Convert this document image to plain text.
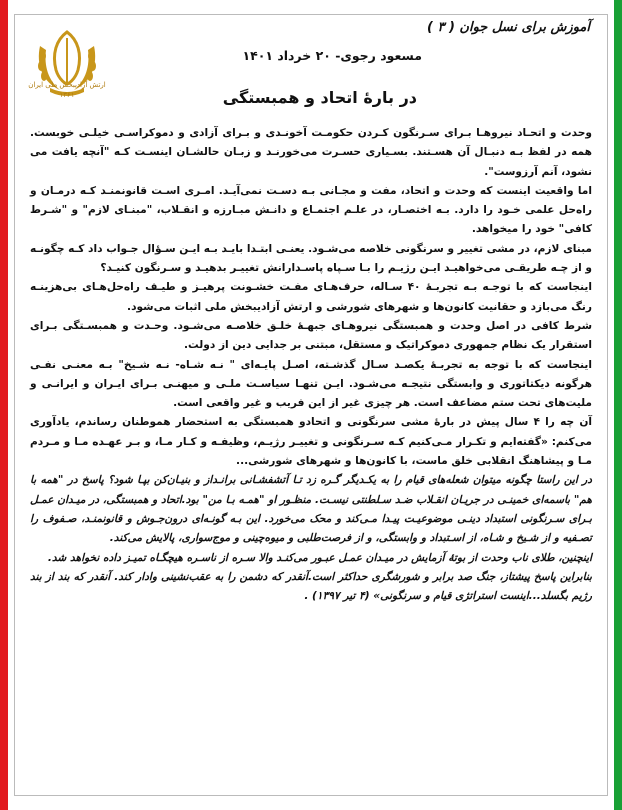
آموزش برای نسل جوان ( ۳ )
مسعود رجوی- ۲۰ خرداد ۱۴۰۱
در بارهٔ اتحاد و همبستگی
ارتش آزادیبخش ملی ایران
۱۳۶۱

وحدت و اتحـاد نیروهـا بـرای سـرنگون کـردن حکومـت آخونـدی و بـرای آزادی و دموکراسـی خیلـی خوبست. همه در لفظ بـه دنبـال آن هسـتند. بسـیاری حسـرت می‌خورنـد و زبـان حالشـان اینسـت کـه "آنچه یافت می نشود، آنم آرزوست".

اما واقعیت اینست که وحدت و اتحاد، مفت و مجـانی بـه دسـت نمی‌آیـد. امـری اسـت قانونمنـد کـه درمـان و راه‌حل علمی خـود را دارد. بـه اختصـار، در علـم اجتمـاع و دانـش مبـارزه و انقـلاب، "مبنـای لازم" و "شـرط کافی" خود را میخواهد.

مبنای لازم، در مشی تغییر و سرنگونی خلاصه می‌شـود. یعنـی ابتـدا بایـد بـه ایـن سـؤال جـواب داد کـه چگونـه و از چـه طریقـی می‌خواهیـد ایـن رژیـم را بـا سـپاه پاسـدارانش تغییـر بدهیـد و سـرنگون کنیـد؟

اینجاست که با توجـه بـه تجربـهٔ ۴۰ سـاله، حرف‌هـای مفـت خشـونت پرهیـز و طیـف راه‌حل‌هـای بی‌هزینـه رنگ می‌بازد و حقانیت کانون‌ها و شهرهای شورشی و ارتش آزادیبخش ملی اثبات می‌شود.

شرط کافی در اصل وحدت و همبستگی نیروهـای جبهـهٔ خلـق خلاصـه می‌شـود. وحـدت و همبسـتگی بـرای استقرار یک نظام جمهوری دموکراتیک و مستقل، مبتنی بر جدایی دین از دولت.

اینجاست که با توجه به تجربـهٔ یکصـد سـال گذشـته، اصـل پایـه‌ای " نـه شـاه- نـه شـیخ" بـه معنـی نفـی هرگونه دیکتاتوری و وابستگی نتیجـه می‌شـود. ایـن تنهـا سیاسـت ملـی و میهنـی بـرای ایـران و ایرانـی و ملیت‌های تحت ستم مضاعف است. هر چیزی غیر از این فریب و غیر واقعی است.

آن چه را ۴ سال پیش در بارهٔ مشی سرنگونی و اتحادو همبستگی به استحضار هموطنان رساندم، یادآوری می‌کنم: «گفته‌ایم و تکـرار مـی‌کنیم کـه سـرنگونی و تغییـر رژیـم، وظیفـه و کـار مـا، و بـر عهـده مـا و مـردم مـا و پیشاهنگ انقلابی خلق ماست، با کانون‌ها و شهرهای شورشی...

در این راستا چگونه میتوان شعله‌های قیام را به یکـدیگر گـره زد تـا آتشفشـانی برانـداز و بنیـان‌کن بپـا شود؟ پاسخ در "همه با هم" باسمه‌ای خمینـی در جریـان انقـلاب ضـد سـلطنتی نیسـت. منظـور او "همـه بـا من" بود.اتحاد و همبستگی، در میـدان عمـل بـرای سـرنگونی استبداد دینـی موضوعیـت پیـدا مـی‌کند و محک می‌خورد. این بـه گونـه‌ای درون‌جـوش و قانونمنـد، صـفوف را تصـفیه و از شـیخ و شـاه، از اسـتبداد و وابستگی، و از فرصت‌طلبی و میوه‌چینی و موج‌سواری، پالایش می‌کند.

اینچنین، طلای ناب وحدت از بوتهٔ آزمایش در میـدان عمـل عبـور می‌کنـد والا سـره از ناسـره هیچگـاه تمیـز داده نخواهد شد.

بنابراین پاسخ پیشتاز، جنگ صد برابر و شورشگری حداکثر است.آنقدر که دشمن را به عقب‌نشینی وادار کند. آنقدر که بند از بند رژیم بگسلد...اینست استراتژی قیام و سرنگونی» (۴ تیر ۱۳۹۷) .
